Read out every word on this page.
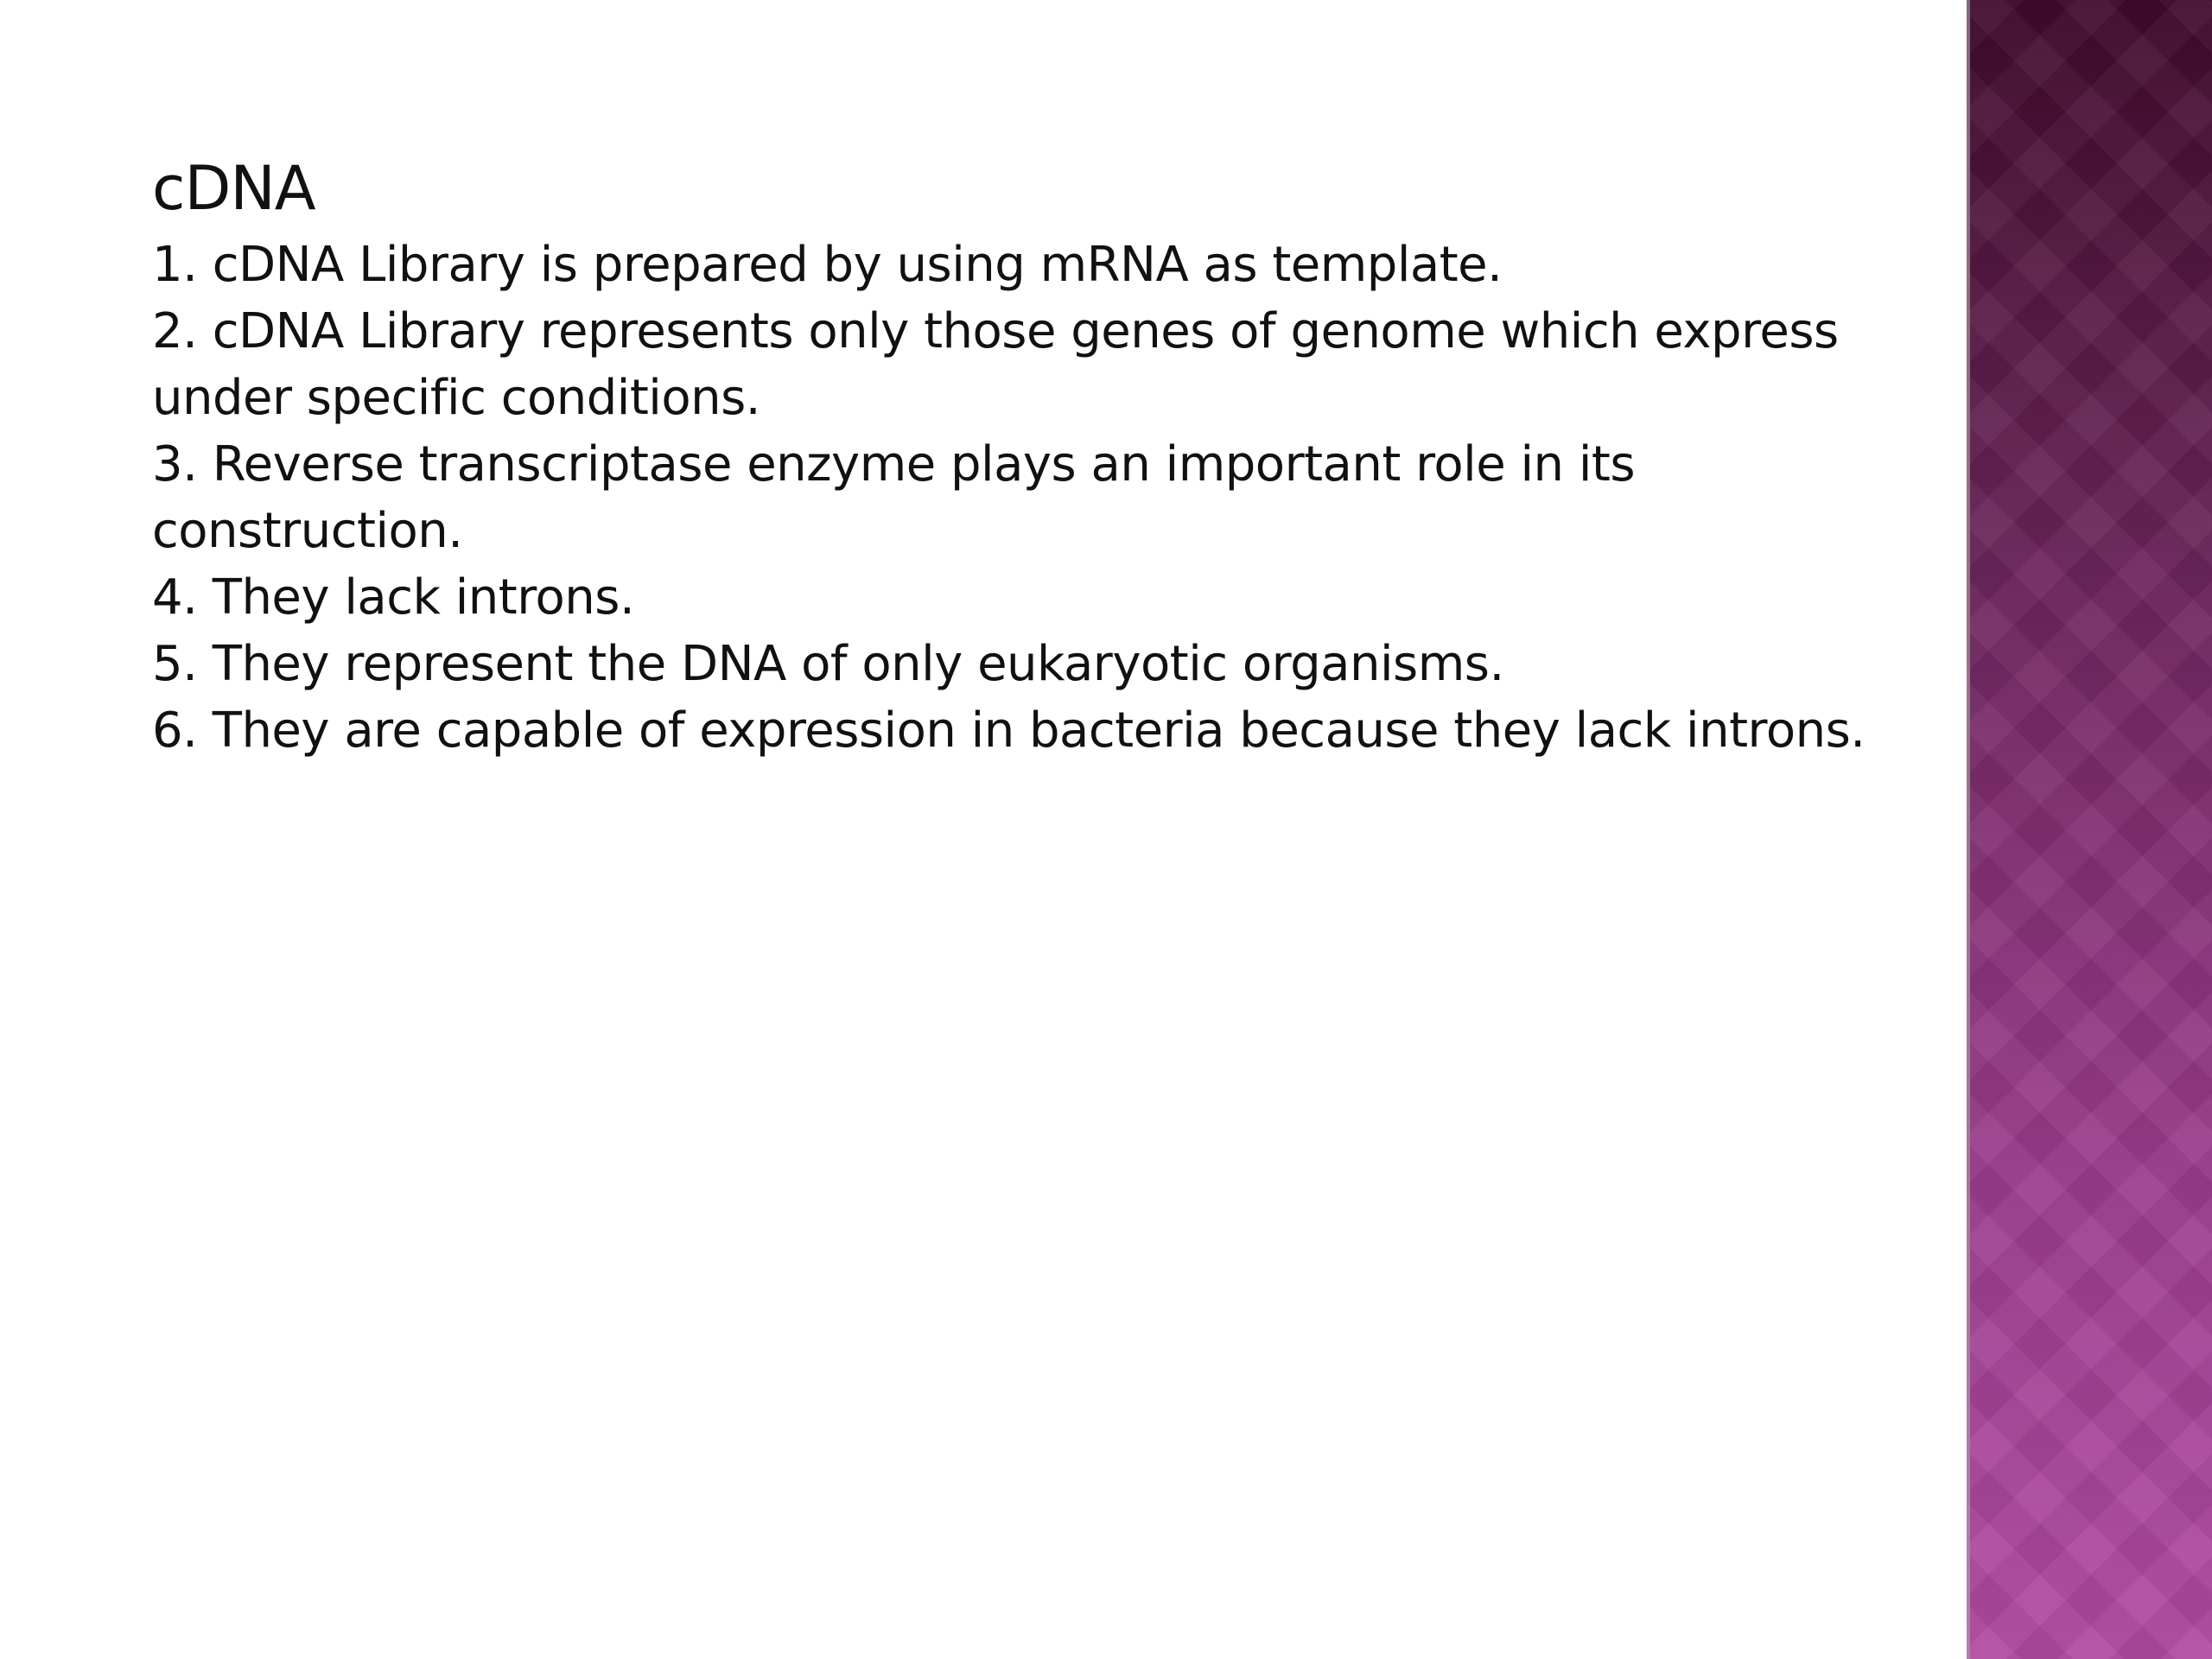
cDNA
1. cDNA Library is prepared by using mRNA as template.
2. cDNA Library represents only those genes of genome which express under specific conditions.
3. Reverse transcriptase enzyme plays an important role in its construction.
4. They lack introns.
5. They represent the DNA of only eukaryotic organisms.
6. They are capable of expression in bacteria because they lack introns.
